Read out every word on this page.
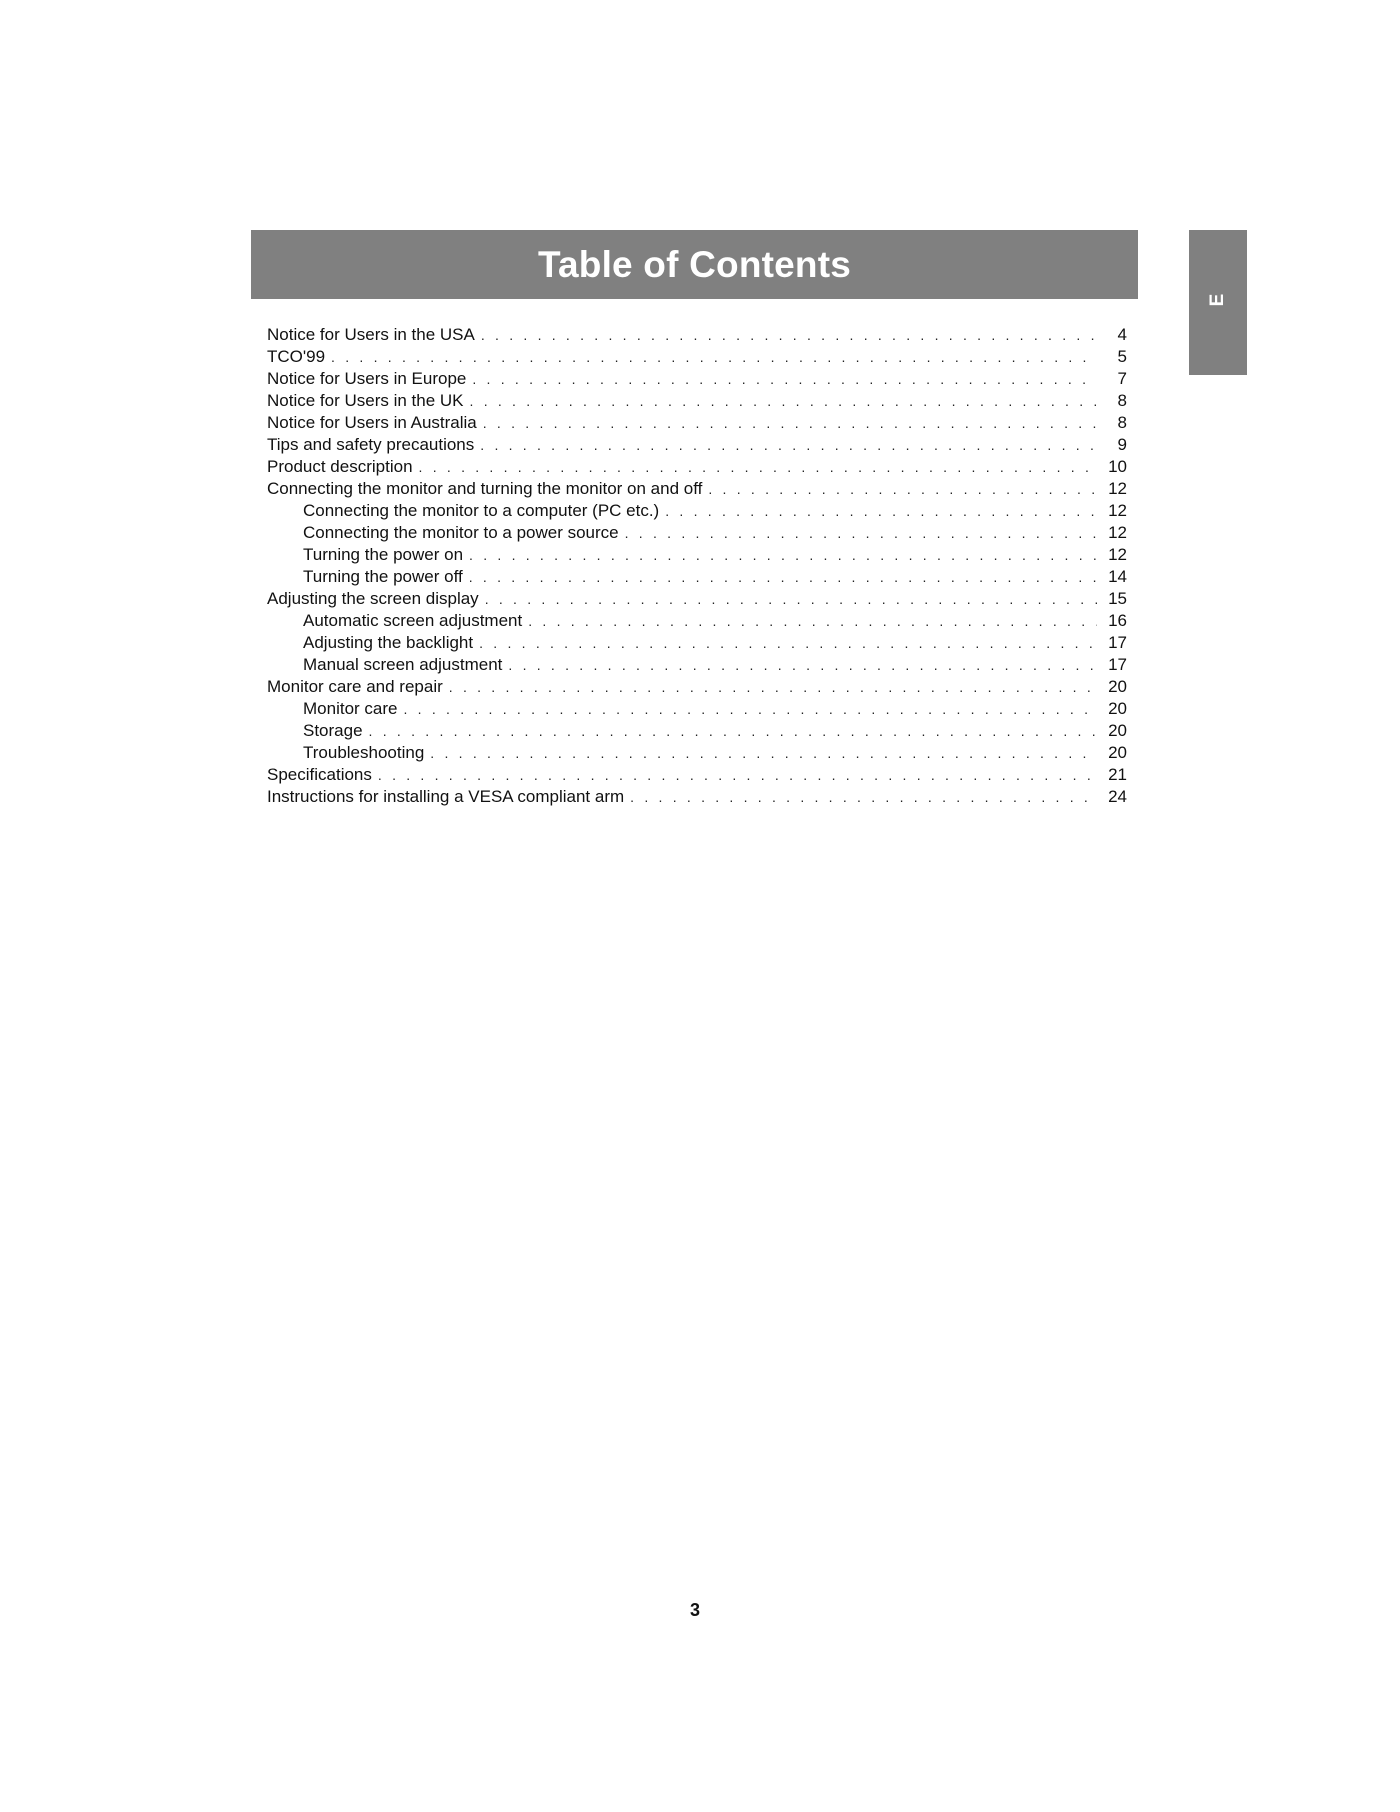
Table of Contents
E
Notice for Users in the USA . . .	4
TCO'99 . . .	5
Notice for Users in Europe . . .	7
Notice for Users in the UK . . .	8
Notice for Users in Australia . . .	8
Tips and safety precautions . . .	9
Product description . . .	10
Connecting the monitor and turning the monitor on and off . . .	12
Connecting the monitor to a computer (PC etc.) . . .	12
Connecting the monitor to a power source . . .	12
Turning the power on . . .	12
Turning the power off . . .	14
Adjusting the screen display . . .	15
Automatic screen adjustment . . .	16
Adjusting the backlight . . .	17
Manual screen adjustment . . .	17
Monitor care and repair . . .	20
Monitor care . . .	20
Storage . . .	20
Troubleshooting . . .	20
Specifications . . .	21
Instructions for installing a VESA compliant arm . . .	24
3
